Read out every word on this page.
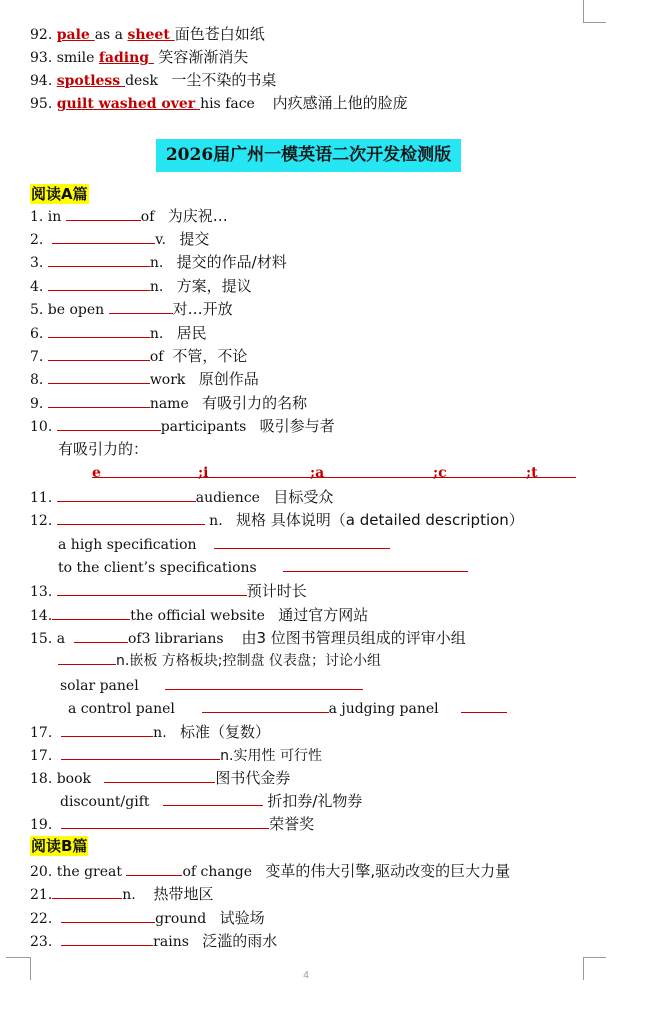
92. pale as a sheet 面色苍白如纸
93. smile fading  笑容渐渐消失
94. spotless desk 一尘不染的书桌
95. guilt washed over his face 内疚感涌上他的脸庞
2026届广州一模英语二次开发检测版
阅读A篇
1. in	of 为庆祝…
2.	v. 提交
3.	n. 提交的作品/材料
4.	n. 方案，提议
5. be open	对…开放
6.	n. 居民
7.	of 不管，不论
8.	work 原创作品
9.	name 有吸引力的名称
10.	participants 吸引参与者
有吸引力的：
e	;i	;a	;c	;t
11.	audience 目标受众
12.	n. 规格 具体说明（a detailed description）
a high specification
to the client’s specifications
13.	预计时长
14.	the official website 通过官方网站
15. a	of3 librarians 由3 位图书管理员组成的评审小组
n.嵌板 方格板块;控制盘 仪表盘；讨论小组
solar panel
a control panel	a judging panel
17.	n. 标准（复数）
17.	n.实用性 可行性
18. book	图书代金券
discount/gift	折扣券/礼物券
19.	荣誉奖
阅读B篇
20. the great	of change 变革的伟大引擎,驱动改变的巨大力量
21.	n. 热带地区
22.	ground 试验场
23.	rains 泛滥的雨水
4
